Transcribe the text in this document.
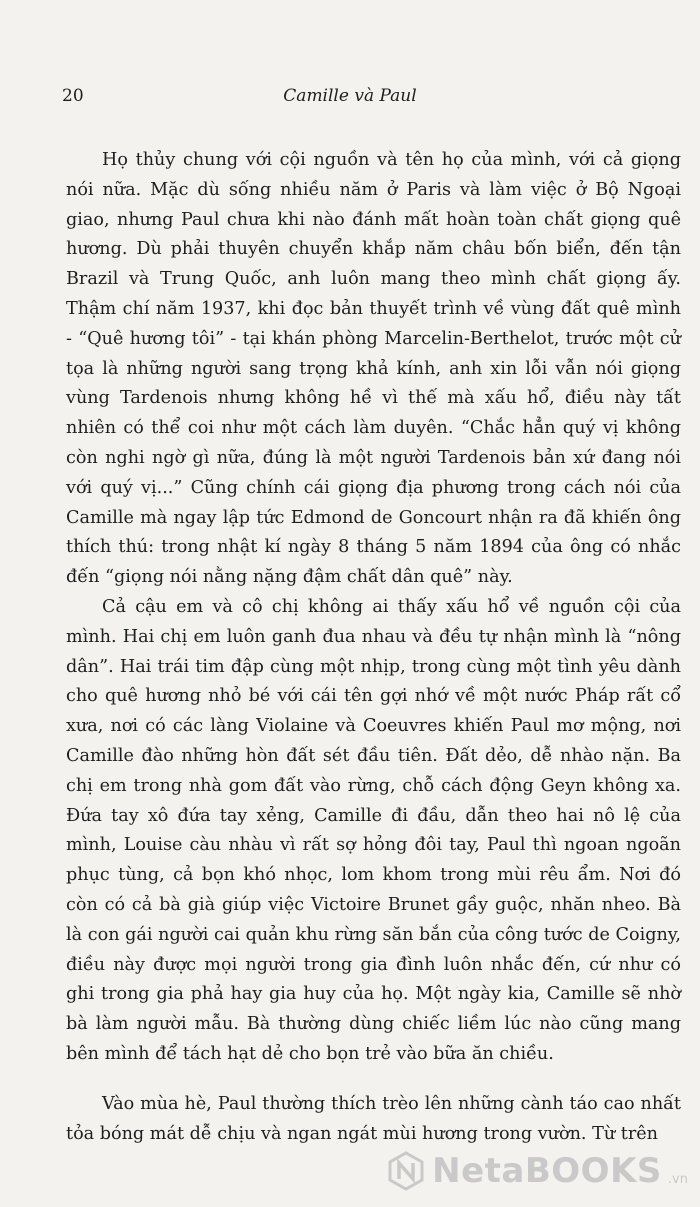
20	Camille và Paul

Họ thủy chung với cội nguồn và tên họ của mình, với cả giọng nói nữa. Mặc dù sống nhiều năm ở Paris và làm việc ở Bộ Ngoại giao, nhưng Paul chưa khi nào đánh mất hoàn toàn chất giọng quê hương. Dù phải thuyên chuyển khắp năm châu bốn biển, đến tận Brazil và Trung Quốc, anh luôn mang theo mình chất giọng ấy. Thậm chí năm 1937, khi đọc bản thuyết trình về vùng đất quê mình - “Quê hương tôi” - tại khán phòng Marcelin-Berthelot, trước một cử tọa là những người sang trọng khả kính, anh xin lỗi vẫn nói giọng vùng Tardenois nhưng không hề vì thế mà xấu hổ, điều này tất nhiên có thể coi như một cách làm duyên. “Chắc hẳn quý vị không còn nghi ngờ gì nữa, đúng là một người Tardenois bản xứ đang nói với quý vị...” Cũng chính cái giọng địa phương trong cách nói của Camille mà ngay lập tức Edmond de Goncourt nhận ra đã khiến ông thích thú: trong nhật kí ngày 8 tháng 5 năm 1894 của ông có nhắc đến “giọng nói nằng nặng đậm chất dân quê” này.

Cả cậu em và cô chị không ai thấy xấu hổ về nguồn cội của mình. Hai chị em luôn ganh đua nhau và đều tự nhận mình là “nông dân”. Hai trái tim đập cùng một nhịp, trong cùng một tình yêu dành cho quê hương nhỏ bé với cái tên gợi nhớ về một nước Pháp rất cổ xưa, nơi có các làng Violaine và Coeuvres khiến Paul mơ mộng, nơi Camille đào những hòn đất sét đầu tiên. Đất dẻo, dễ nhào nặn. Ba chị em trong nhà gom đất vào rừng, chỗ cách động Geyn không xa. Đứa tay xô đứa tay xẻng, Camille đi đầu, dẫn theo hai nô lệ của mình, Louise càu nhàu vì rất sợ hỏng đôi tay, Paul thì ngoan ngoãn phục tùng, cả bọn khó nhọc, lom khom trong mùi rêu ẩm. Nơi đó còn có cả bà già giúp việc Victoire Brunet gầy guộc, nhăn nheo. Bà là con gái người cai quản khu rừng săn bắn của công tước de Coigny, điều này được mọi người trong gia đình luôn nhắc đến, cứ như có ghi trong gia phả hay gia huy của họ. Một ngày kia, Camille sẽ nhờ bà làm người mẫu. Bà thường dùng chiếc liềm lúc nào cũng mang bên mình để tách hạt dẻ cho bọn trẻ vào bữa ăn chiều.

Vào mùa hè, Paul thường thích trèo lên những cành táo cao nhất tỏa bóng mát dễ chịu và ngan ngát mùi hương trong vườn. Từ trên

NetaBOOKS .vn
